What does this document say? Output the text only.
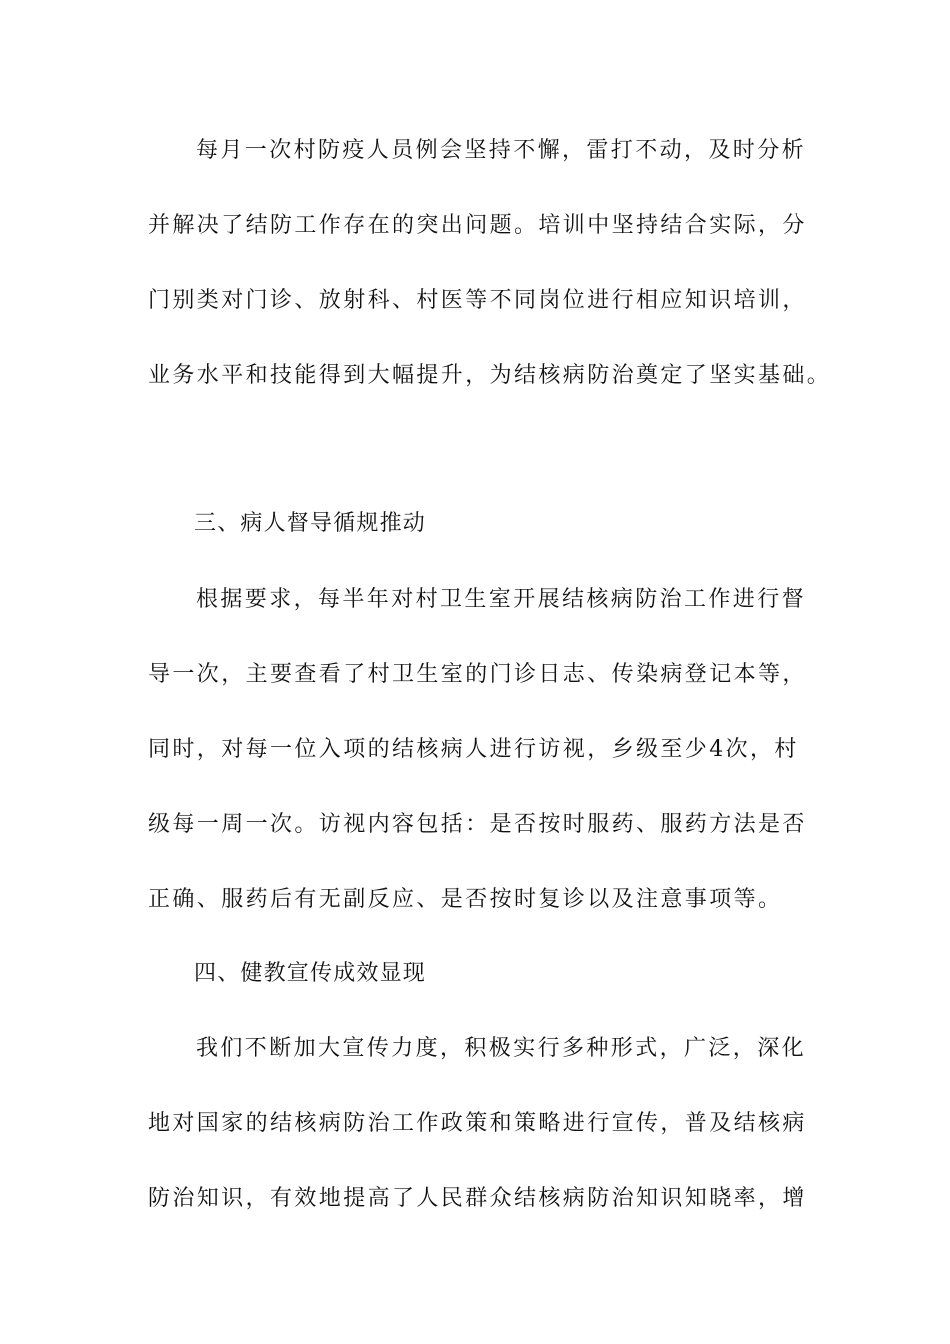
每月一次村防疫人员例会坚持不懈，雷打不动，及时分析
并解决了结防工作存在的突出问题。培训中坚持结合实际，分
门别类对门诊、放射科、村医等不同岗位进行相应知识培训，
业务水平和技能得到大幅提升，为结核病防治奠定了坚实基础。
三、病人督导循规推动
根据要求，每半年对村卫生室开展结核病防治工作进行督
导一次，主要查看了村卫生室的门诊日志、传染病登记本等，
同时，对每一位入项的结核病人进行访视，乡级至少4次，村
级每一周一次。访视内容包括：是否按时服药、服药方法是否
正确、服药后有无副反应、是否按时复诊以及注意事项等。
四、健教宣传成效显现
我们不断加大宣传力度，积极实行多种形式，广泛，深化
地对国家的结核病防治工作政策和策略进行宣传，普及结核病
防治知识，有效地提高了人民群众结核病防治知识知晓率，增
